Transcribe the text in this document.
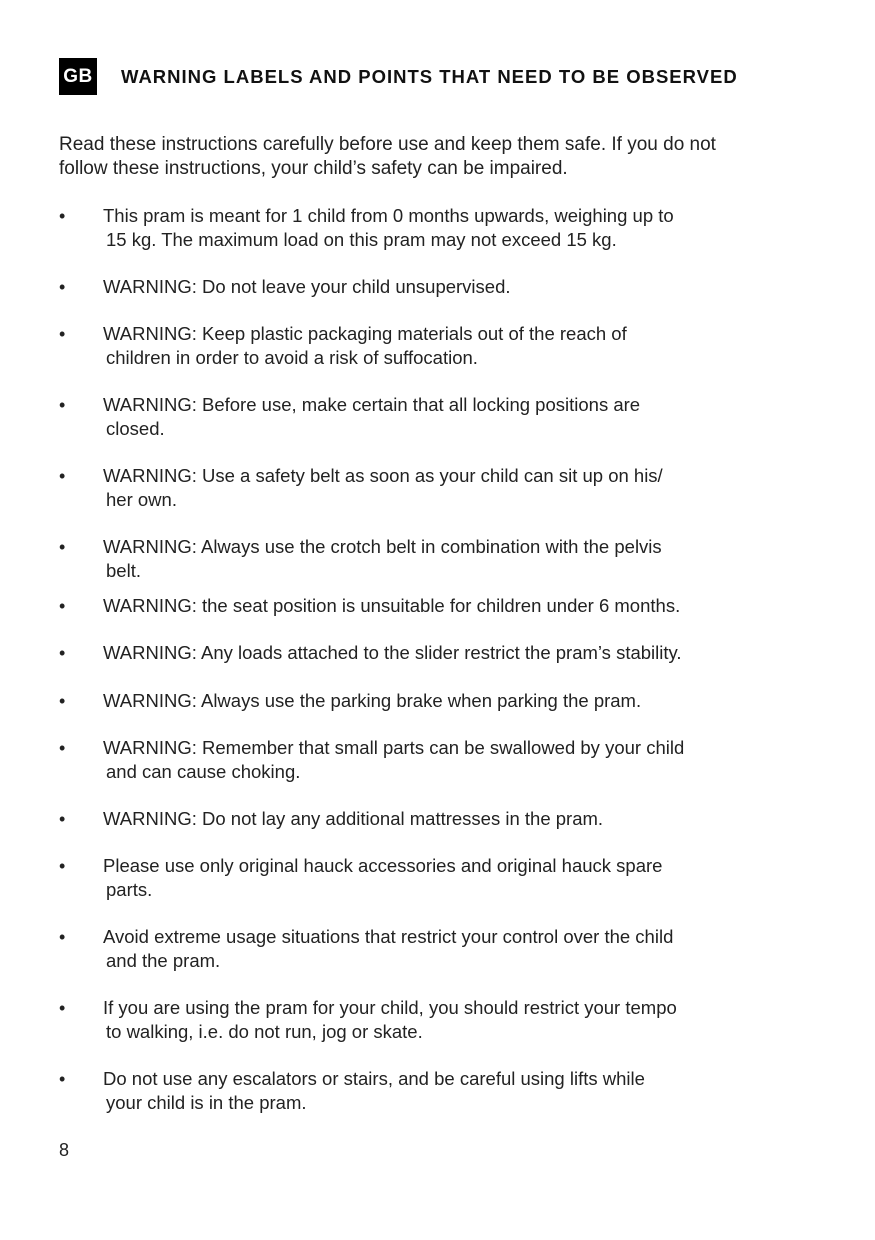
GB WARNING LABELS AND POINTS THAT NEED TO BE OBSERVED
Read these instructions carefully before use and keep them safe. If you do not
follow these instructions, your child’s safety can be impaired.
•	This pram is meant for 1 child from 0 months upwards, weighing up to
15 kg. The maximum load on this pram may not exceed 15 kg.
•	WARNING: Do not leave your child unsupervised.
•	WARNING: Keep plastic packaging materials out of the reach of
children in order to avoid a risk of suffocation.
•	WARNING: Before use, make certain that all locking positions are
closed.
•	WARNING: Use a safety belt as soon as your child can sit up on his/
her own.
•	WARNING: Always use the crotch belt in combination with the pelvis
belt.
•	WARNING: the seat position is unsuitable for children under 6 months.
•	WARNING: Any loads attached to the slider restrict the pram’s stability.
•	WARNING: Always use the parking brake when parking the pram.
•	WARNING: Remember that small parts can be swallowed by your child
and can cause choking.
•	WARNING: Do not lay any additional mattresses in the pram.
•	Please use only original hauck accessories and original hauck spare
parts.
•	Avoid extreme usage situations that restrict your control over the child
and the pram.
•	If you are using the pram for your child, you should restrict your tempo
to walking, i.e. do not run, jog or skate.
•	Do not use any escalators or stairs, and be careful using lifts while
your child is in the pram.
8
